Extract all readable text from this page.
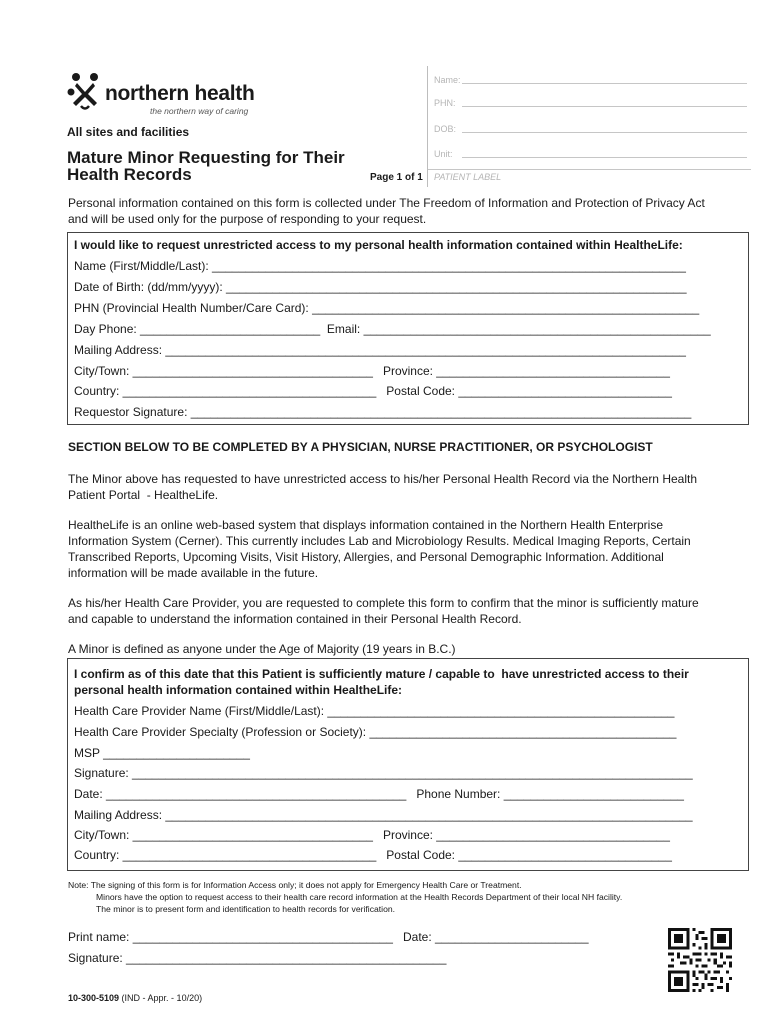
northern health
the northern way of caring
All sites and facilities
Mature Minor Requesting for Their
Health Records	Page 1 of 1
Name:
PHN:
DOB:
Unit:
PATIENT LABEL
Personal information contained on this form is collected under The Freedom of Information and Protection of Privacy Act
and will be used only for the purpose of responding to your request.
I would like to request unrestricted access to my personal health information contained within HealtheLife:
Name (First/Middle/Last): _______________________________________________________________________
Date of Birth: (dd/mm/yyyy): _____________________________________________________________________
PHN (Provincial Health Number/Care Card): __________________________________________________________
Day Phone: ___________________________  Email: ____________________________________________________
Mailing Address: ______________________________________________________________________________
City/Town: ____________________________________   Province: ___________________________________
Country: ______________________________________   Postal Code: ________________________________
Requestor Signature: ___________________________________________________________________________
SECTION BELOW TO BE COMPLETED BY A PHYSICIAN, NURSE PRACTITIONER, OR PSYCHOLOGIST
The Minor above has requested to have unrestricted access to his/her Personal Health Record via the Northern Health
Patient Portal  - HealtheLife.
HealtheLife is an online web-based system that displays information contained in the Northern Health Enterprise
Information System (Cerner). This currently includes Lab and Microbiology Results. Medical Imaging Reports, Certain
Transcribed Reports, Upcoming Visits, Visit History, Allergies, and Personal Demographic Information. Additional
information will be made available in the future.
As his/her Health Care Provider, you are requested to complete this form to confirm that the minor is sufficiently mature
and capable to understand the information contained in their Personal Health Record.
A Minor is defined as anyone under the Age of Majority (19 years in B.C.)
I confirm as of this date that this Patient is sufficiently mature / capable to  have unrestricted access to their
personal health information contained within HealtheLife:
Health Care Provider Name (First/Middle/Last): ____________________________________________________
Health Care Provider Specialty (Profession or Society): ______________________________________________
MSP ______________________
Signature: ____________________________________________________________________________________
Date: _____________________________________________   Phone Number: ___________________________
Mailing Address: _______________________________________________________________________________
City/Town: ____________________________________   Province: ___________________________________
Country: ______________________________________   Postal Code: ________________________________
Note: The signing of this form is for Information Access only; it does not apply for Emergency Health Care or Treatment.
Minors have the option to request access to their health care record information at the Health Records Department of their local NH facility.
The minor is to present form and identification to health records for verification.
Print name: _______________________________________   Date: _______________________
Signature: ________________________________________________
10-300-5109 (IND - Appr. - 10/20)
